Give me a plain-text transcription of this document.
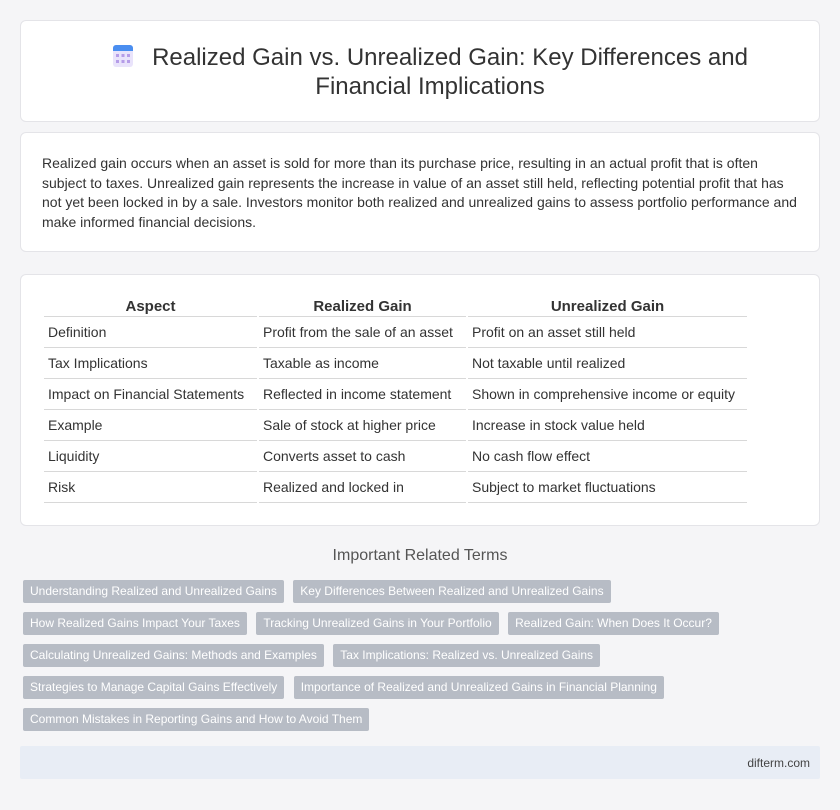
Realized Gain vs. Unrealized Gain: Key Differences and Financial Implications

Realized gain occurs when an asset is sold for more than its purchase price, resulting in an actual profit that is often subject to taxes. Unrealized gain represents the increase in value of an asset still held, reflecting potential profit that has not yet been locked in by a sale. Investors monitor both realized and unrealized gains to assess portfolio performance and make informed financial decisions.

Aspect	Realized Gain	Unrealized Gain
Definition	Profit from the sale of an asset	Profit on an asset still held
Tax Implications	Taxable as income	Not taxable until realized
Impact on Financial Statements	Reflected in income statement	Shown in comprehensive income or equity
Example	Sale of stock at higher price	Increase in stock value held
Liquidity	Converts asset to cash	No cash flow effect
Risk	Realized and locked in	Subject to market fluctuations
Important Related Terms
Understanding Realized and Unrealized Gains Key Differences Between Realized and Unrealized Gains
How Realized Gains Impact Your Taxes Tracking Unrealized Gains in Your Portfolio Realized Gain: When Does It Occur?
Calculating Unrealized Gains: Methods and Examples Tax Implications: Realized vs. Unrealized Gains
Strategies to Manage Capital Gains Effectively Importance of Realized and Unrealized Gains in Financial Planning
Common Mistakes in Reporting Gains and How to Avoid Them
difterm.com
